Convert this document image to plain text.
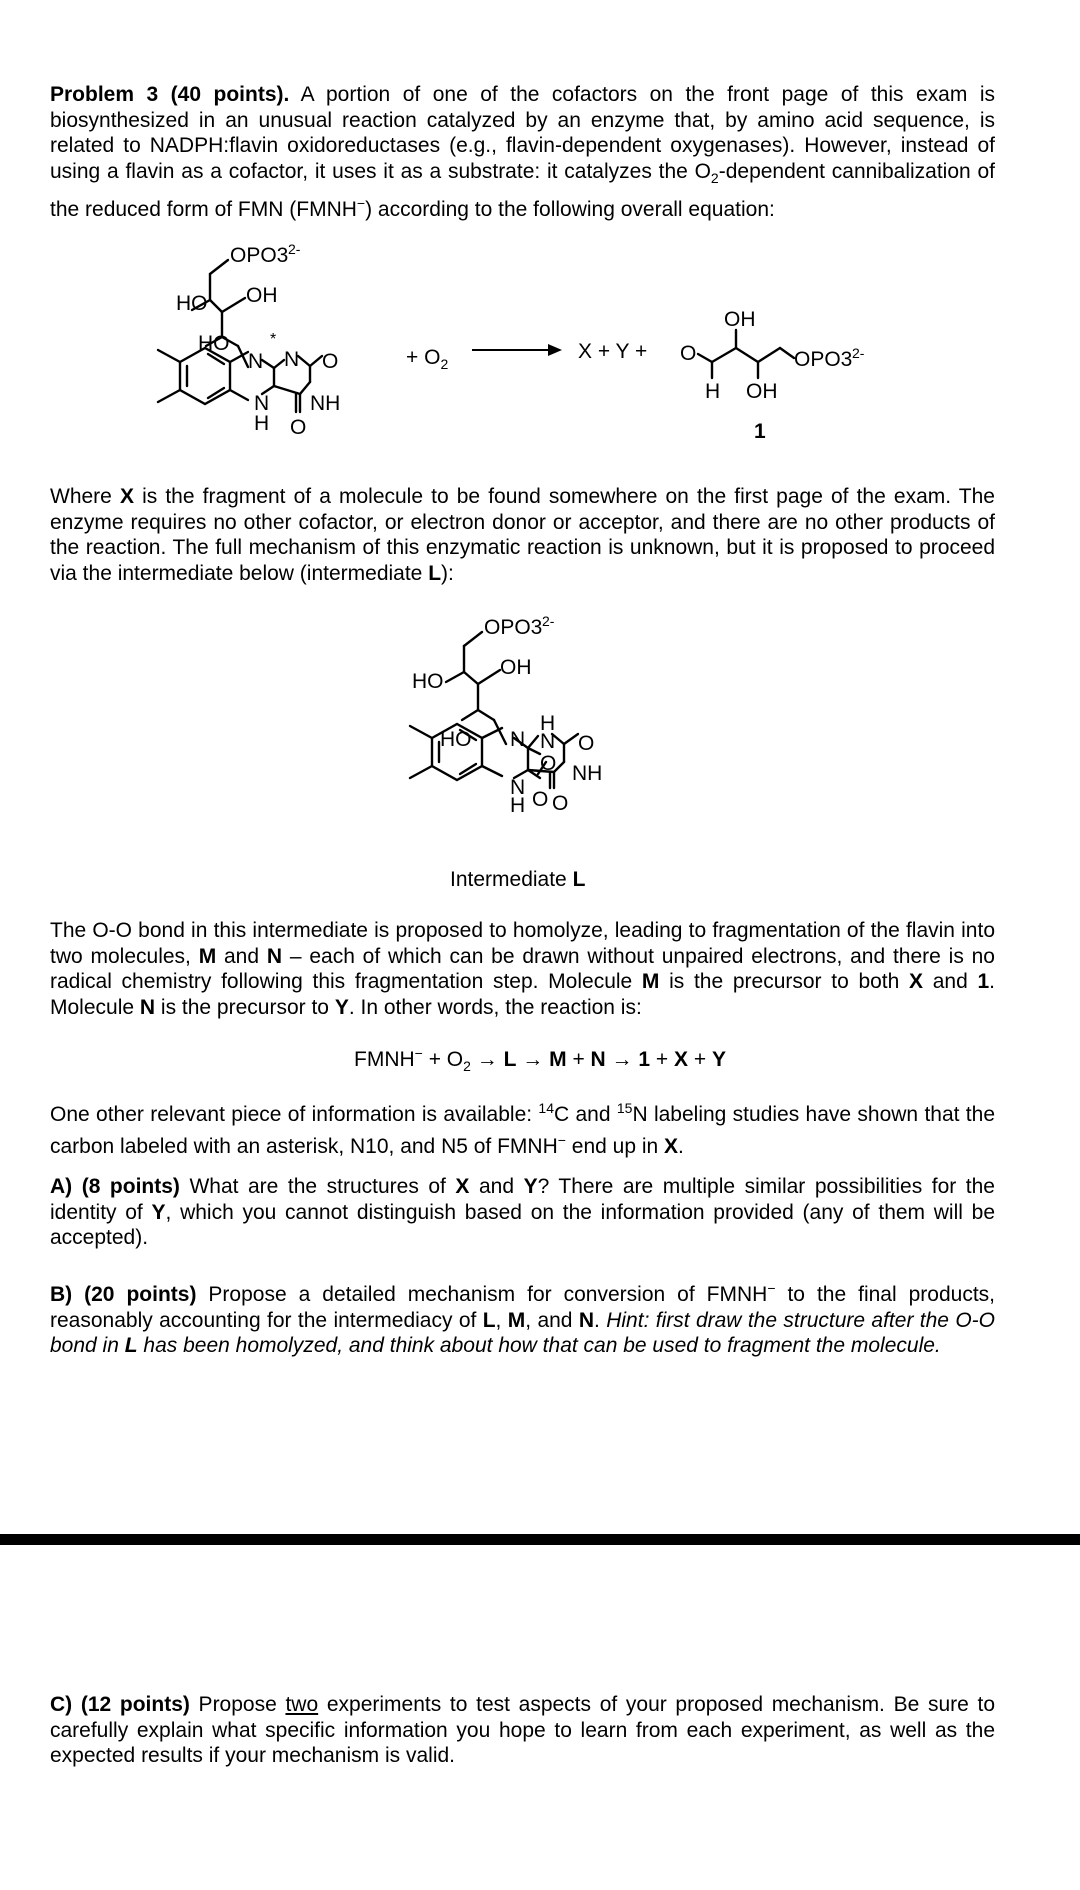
Problem 3 (40 points). A portion of one of the cofactors on the front page of this exam is biosynthesized in an unusual reaction catalyzed by an enzyme that, by amino acid sequence, is related to NADPH:flavin oxidoreductases (e.g., flavin-dependent oxygenases). However, instead of using a flavin as a cofactor, it uses it as a substrate: it catalyzes the $O_2$-dependent cannibalization of the reduced form of FMN (FMNH−) according to the following overall equation:

OPO3 2-
HO OH
HO	*
N N O
NH
N
H O
+ $O_2$
X + Y + O
OH
H OH
OPO3 2-
1

Where X is the fragment of a molecule to be found somewhere on the first page of the exam. The enzyme requires no other cofactor, or electron donor or acceptor, and there are no other products of the reaction. The full mechanism of this enzymatic reaction is unknown, but it is proposed to proceed via the intermediate below (intermediate L):

OPO3 2-
HO
OH
HO N
H
N O
O NH
N
H O O
Intermediate L

The O-O bond in this intermediate is proposed to homolyze, leading to fragmentation of the flavin into two molecules, M and N – each of which can be drawn without unpaired electrons, and there is no radical chemistry following this fragmentation step. Molecule M is the precursor to both X and 1. Molecule N is the precursor to Y. In other words, the reaction is:

FMNH− + $O_2 \to L \to M + N \to 1 + X + Y$

One other relevant piece of information is available: $^{14}$C and $^{15}$N labeling studies have shown that the carbon labeled with an asterisk, N10, and N5 of FMNH− end up in X.

A) (8 points) What are the structures of X and Y? There are multiple similar possibilities for the identity of Y, which you cannot distinguish based on the information provided (any of them will be accepted).

B) (20 points) Propose a detailed mechanism for conversion of FMNH− to the final products, reasonably accounting for the intermediacy of L, M, and N. Hint: first draw the structure after the O-O bond in L has been homolyzed, and think about how that can be used to fragment the molecule.

C) (12 points) Propose two experiments to test aspects of your proposed mechanism. Be sure to carefully explain what specific information you hope to learn from each experiment, as well as the expected results if your mechanism is valid.
